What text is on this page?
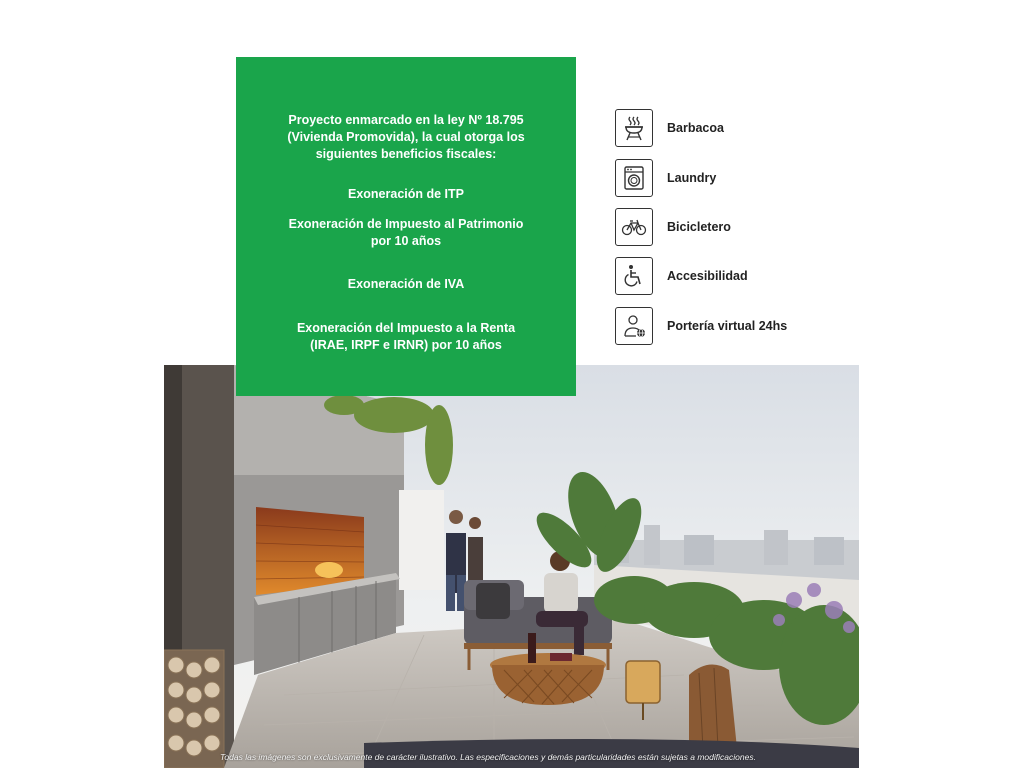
Proyecto enmarcado en la ley Nº 18.795
(Vivienda Promovida), la cual otorga los
siguientes beneficios fiscales:
Exoneración de ITP
Exoneración de Impuesto al Patrimonio
por 10 años
Exoneración de IVA
Exoneración del Impuesto a la Renta
(IRAE, IRPF e IRNR) por 10 años
Barbacoa
Laundry
Bicicletero
Accesibilidad
Portería virtual 24hs
Todas las imágenes son exclusivamente de carácter ilustrativo. Las especificaciones y demás particularidades están sujetas a modificaciones.
